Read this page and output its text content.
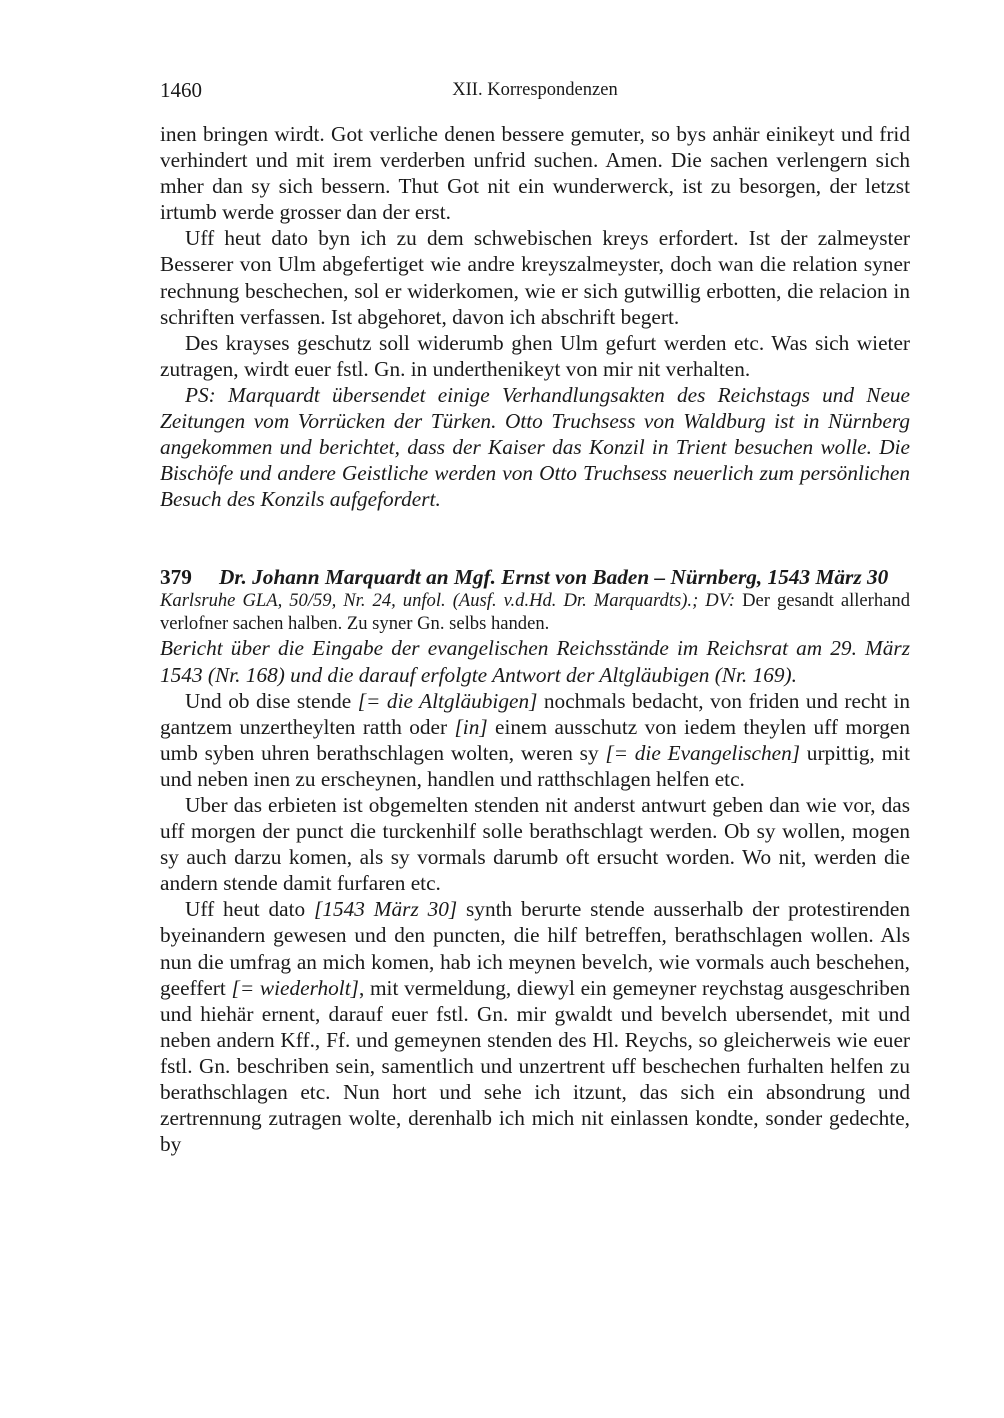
1460	XII. Korrespondenzen

inen bringen wirdt. Got verliche denen bessere gemuter, so bys anhär einikeyt und frid verhindert und mit irem verderben unfrid suchen. Amen. Die sachen verlengern sich mher dan sy sich bessern. Thut Got nit ein wunderwerck, ist zu besorgen, der letzst irtumb werde grosser dan der erst.

Uff heut dato byn ich zu dem schwebischen kreys erfordert. Ist der zalmeyster Besserer von Ulm abgefertiget wie andre kreyszalmeyster, doch wan die relation syner rechnung beschechen, sol er widerkomen, wie er sich gutwillig erbotten, die relacion in schriften verfassen. Ist abgehoret, davon ich abschrift begert.

Des krayses geschutz soll widerumb ghen Ulm gefurt werden etc. Was sich wieter zutragen, wirdt euer fstl. Gn. in underthenikeyt von mir nit verhalten.

PS: Marquardt übersendet einige Verhandlungsakten des Reichstags und Neue Zeitungen vom Vorrücken der Türken. Otto Truchsess von Waldburg ist in Nürnberg angekommen und berichtet, dass der Kaiser das Konzil in Trient besuchen wolle. Die Bischöfe und andere Geistliche werden von Otto Truchsess neuerlich zum persönlichen Besuch des Konzils aufgefordert.

379	Dr. Johann Marquardt an Mgf. Ernst von Baden – Nürnberg, 1543 März 30

Karlsruhe GLA, 50/59, Nr. 24, unfol. (Ausf. v.d.Hd. Dr. Marquardts).; DV: Der gesandt allerhand verlofner sachen halben. Zu syner Gn. selbs handen.

Bericht über die Eingabe der evangelischen Reichsstände im Reichsrat am 29. März 1543 (Nr. 168) und die darauf erfolgte Antwort der Altgläubigen (Nr. 169).

Und ob dise stende [= die Altgläubigen] nochmals bedacht, von friden und recht in gantzem unzertheylten ratth oder [in] einem ausschutz von iedem theylen uff morgen umb syben uhren berathschlagen wolten, weren sy [= die Evangelischen] urpittig, mit und neben inen zu erscheynen, handlen und ratthschlagen helfen etc.

Uber das erbieten ist obgemelten stenden nit anderst antwurt geben dan wie vor, das uff morgen der punct die turckenhilf solle berathschlagt werden. Ob sy wollen, mogen sy auch darzu komen, als sy vormals darumb oft ersucht worden. Wo nit, werden die andern stende damit furfaren etc.

Uff heut dato [1543 März 30] synth berurte stende ausserhalb der protestirenden byeinandern gewesen und den puncten, die hilf betreffen, berathschlagen wollen. Als nun die umfrag an mich komen, hab ich meynen bevelch, wie vormals auch beschehen, geeffert [= wiederholt], mit vermeldung, diewyl ein gemeyner reychstag ausgeschriben und hiehär ernent, darauf euer fstl. Gn. mir gwaldt und bevelch ubersendet, mit und neben andern Kff., Ff. und gemeynen stenden des Hl. Reychs, so gleicherweis wie euer fstl. Gn. beschriben sein, samentlich und unzertrent uff beschechen furhalten helfen zu berathschlagen etc. Nun hort und sehe ich itzunt, das sich ein absondrung und zertrennung zutragen wolte, derenhalb ich mich nit einlassen kondte, sonder gedechte, by
